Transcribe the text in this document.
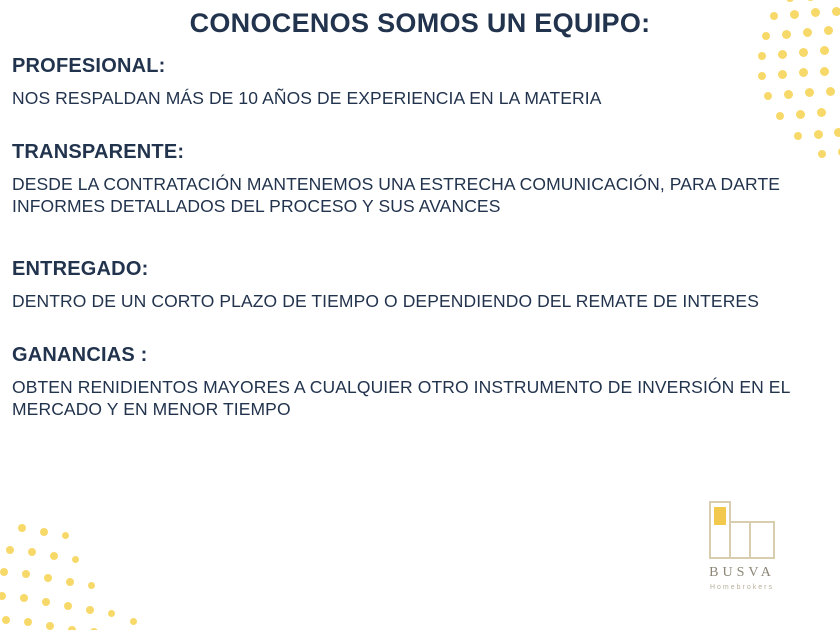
CONOCENOS SOMOS UN EQUIPO:

PROFESIONAL:

NOS RESPALDAN MÁS DE 10 AÑOS DE EXPERIENCIA EN LA MATERIA

TRANSPARENTE:

DESDE LA CONTRATACIÓN MANTENEMOS UNA ESTRECHA COMUNICACIÓN, PARA DARTE INFORMES DETALLADOS DEL PROCESO Y SUS AVANCES

ENTREGADO:

DENTRO DE UN CORTO PLAZO DE TIEMPO O DEPENDIENDO DEL REMATE DE INTERES

GANANCIAS :

OBTEN RENIDIENTOS MAYORES A CUALQUIER OTRO INSTRUMENTO DE INVERSIÓN EN EL MERCADO Y EN MENOR TIEMPO

BUSVA
Homebrokers
